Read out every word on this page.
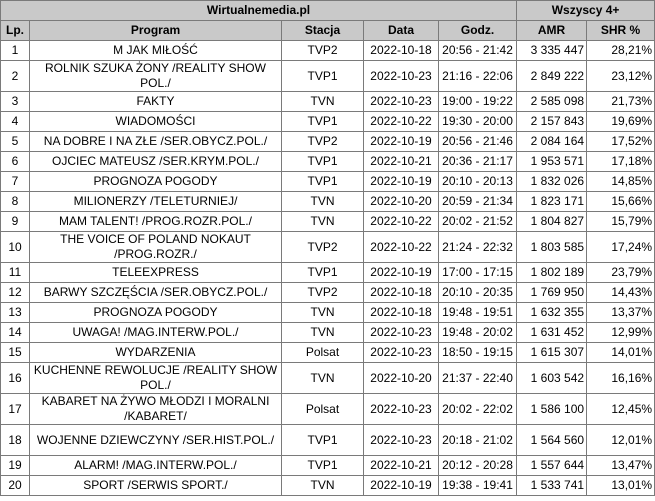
Wirtualnemedia.pl					Wszyscy 4+	
Lp.	Program	Stacja	Data	Godz.	AMR	SHR %
1	M JAK MIŁOŚĆ	TVP2	2022-10-18	20:56 - 21:42	3 335 447	28,21%
2	ROLNIK SZUKA ŻONY /REALITY SHOW POL./	TVP1	2022-10-23	21:16 - 22:06	2 849 222	23,12%
3	FAKTY	TVN	2022-10-23	19:00 - 19:22	2 585 098	21,73%
4	WIADOMOŚCI	TVP1	2022-10-22	19:30 - 20:00	2 157 843	19,69%
5	NA DOBRE I NA ZŁE /SER.OBYCZ.POL./	TVP2	2022-10-19	20:56 - 21:46	2 084 164	17,52%
6	OJCIEC MATEUSZ /SER.KRYM.POL./	TVP1	2022-10-21	20:36 - 21:17	1 953 571	17,18%
7	PROGNOZA POGODY	TVP1	2022-10-19	20:10 - 20:13	1 832 026	14,85%
8	MILIONERZY /TELETURNIEJ/	TVN	2022-10-20	20:59 - 21:34	1 823 171	15,66%
9	MAM TALENT! /PROG.ROZR.POL./	TVN	2022-10-22	20:02 - 21:52	1 804 827	15,79%
10	THE VOICE OF POLAND NOKAUT /PROG.ROZR./	TVP2	2022-10-22	21:24 - 22:32	1 803 585	17,24%
11	TELEEXPRESS	TVP1	2022-10-19	17:00 - 17:15	1 802 189	23,79%
12	BARWY SZCZĘŚCIA /SER.OBYCZ.POL./	TVP2	2022-10-18	20:10 - 20:35	1 769 950	14,43%
13	PROGNOZA POGODY	TVN	2022-10-18	19:48 - 19:51	1 632 355	13,37%
14	UWAGA! /MAG.INTERW.POL./	TVN	2022-10-23	19:48 - 20:02	1 631 452	12,99%
15	WYDARZENIA	Polsat	2022-10-23	18:50 - 19:15	1 615 307	14,01%
16	KUCHENNE REWOLUCJE /REALITY SHOW POL./	TVN	2022-10-20	21:37 - 22:40	1 603 542	16,16%
17	KABARET NA ŻYWO MŁODZI I MORALNI /KABARET/	Polsat	2022-10-23	20:02 - 22:02	1 586 100	12,45%
18	WOJENNE DZIEWCZYNY /SER.HIST.POL./	TVP1	2022-10-23	20:18 - 21:02	1 564 560	12,01%
19	ALARM! /MAG.INTERW.POL./	TVP1	2022-10-21	20:12 - 20:28	1 557 644	13,47%
20	SPORT /SERWIS SPORT./	TVN	2022-10-19	19:38 - 19:41	1 533 741	13,01%
